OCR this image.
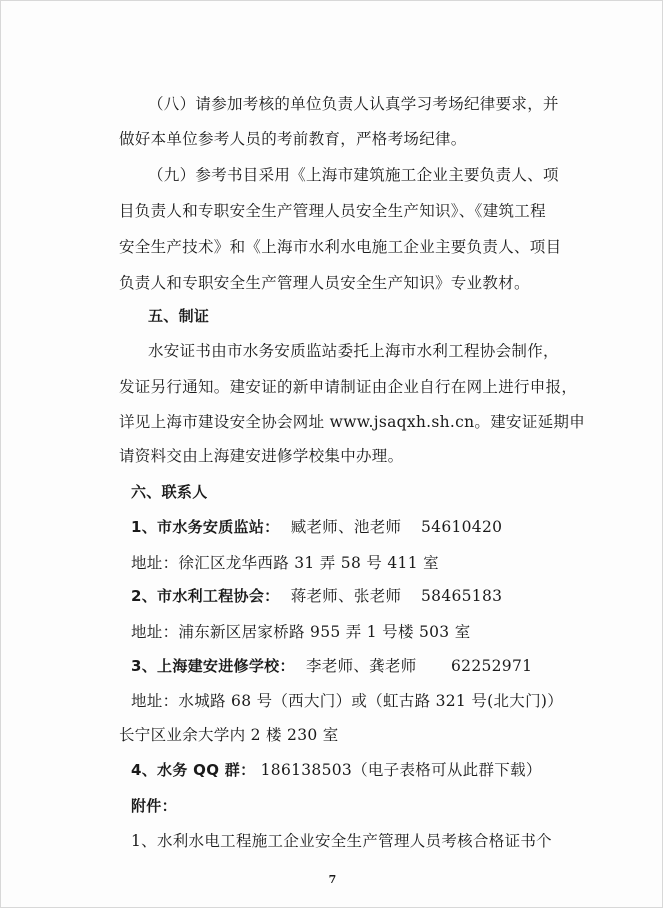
（八）请参加考核的单位负责人认真学习考场纪律要求，并
做好本单位参考人员的考前教育，严格考场纪律。
（九）参考书目采用《上海市建筑施工企业主要负责人、项
目负责人和专职安全生产管理人员安全生产知识》、《建筑工程
安全生产技术》和《上海市水利水电施工企业主要负责人、项目
负责人和专职安全生产管理人员安全生产知识》专业教材。
五、制证
水安证书由市水务安质监站委托上海市水利工程协会制作，
发证另行通知。建安证的新申请制证由企业自行在网上进行申报，
详见上海市建设安全协会网址 www.jsaqxh.sh.cn。建安证延期申
请资料交由上海建安进修学校集中办理。
六、联系人
1、市水务安质监站： 臧老师、池老师 54610420
地址：徐汇区龙华西路 31 弄 58 号 411 室
2、市水利工程协会： 蒋老师、张老师 58465183
地址：浦东新区居家桥路 955 弄 1 号楼 503 室
3、上海建安进修学校： 李老师、龚老师 62252971
地址：水城路 68 号（西大门）或（虹古路 321 号(北大门)）
长宁区业余大学内 2 楼 230 室
4、水务 QQ 群： 186138503（电子表格可从此群下载）
附件：
1、水利水电工程施工企业安全生产管理人员考核合格证书个
7
